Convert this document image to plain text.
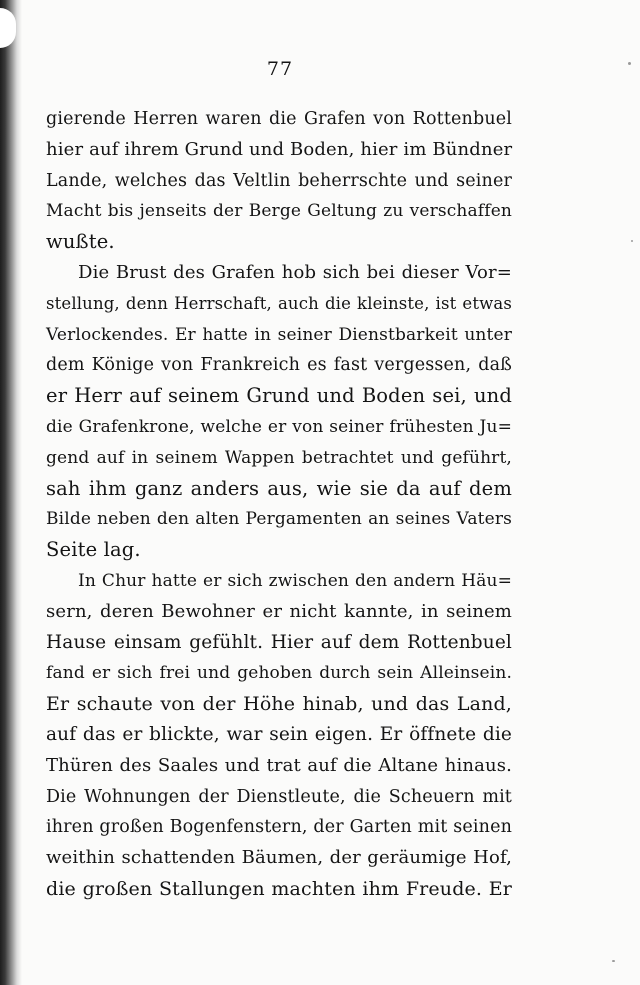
77
gierende Herren waren die Grafen von Rottenbuel
hier auf ihrem Grund und Boden, hier im Bündner
Lande, welches das Veltlin beherrschte und seiner
Macht bis jenseits der Berge Geltung zu verschaffen
wußte.
Die Brust des Grafen hob sich bei dieser Vor=
stellung, denn Herrschaft, auch die kleinste, ist etwas
Verlockendes. Er hatte in seiner Dienstbarkeit unter
dem Könige von Frankreich es fast vergessen, daß
er Herr auf seinem Grund und Boden sei, und
die Grafenkrone, welche er von seiner frühesten Ju=
gend auf in seinem Wappen betrachtet und geführt,
sah ihm ganz anders aus, wie sie da auf dem
Bilde neben den alten Pergamenten an seines Vaters
Seite lag.
In Chur hatte er sich zwischen den andern Häu=
sern, deren Bewohner er nicht kannte, in seinem
Hause einsam gefühlt. Hier auf dem Rottenbuel
fand er sich frei und gehoben durch sein Alleinsein.
Er schaute von der Höhe hinab, und das Land,
auf das er blickte, war sein eigen. Er öffnete die
Thüren des Saales und trat auf die Altane hinaus.
Die Wohnungen der Dienstleute, die Scheuern mit
ihren großen Bogenfenstern, der Garten mit seinen
weithin schattenden Bäumen, der geräumige Hof,
die großen Stallungen machten ihm Freude. Er
